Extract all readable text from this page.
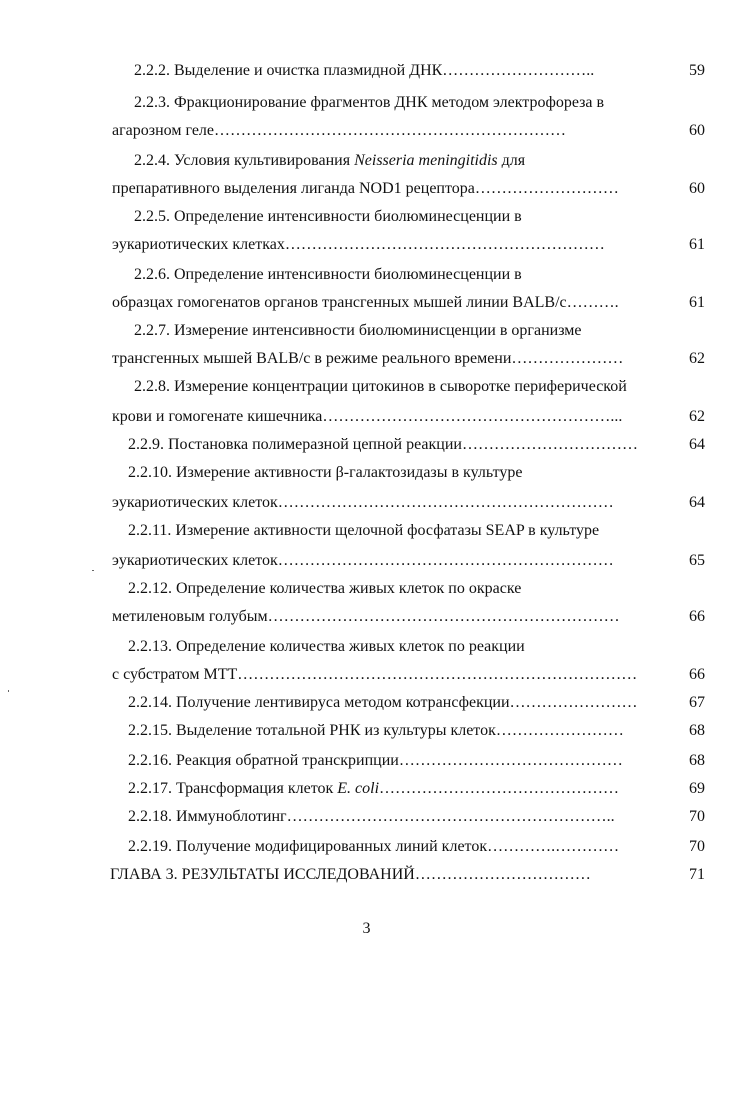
2.2.2. Выделение и очистка плазмидной ДНК………………………..	59
2.2.3. Фракционирование фрагментов ДНК методом электрофореза в
агарозном геле…………………………………………………………	60
2.2.4. Условия культивирования Neisseria meningitidis для
препаративного выделения лиганда NOD1 рецептора………………………	60
2.2.5. Определение интенсивности биолюминесценции в
эукариотических клетках……………………………………………………	61
2.2.6. Определение интенсивности биолюминесценции в
образцах гомогенатов органов трансгенных мышей линии BALB/c……….	61
2.2.7. Измерение интенсивности биолюминисценции в организме
трансгенных мышей BALB/c в режиме реального времени…………………	62
2.2.8. Измерение концентрации цитокинов в сыворотке периферической
крови и гомогенате кишечника………………………………………………...	62
2.2.9. Постановка полимеразной цепной реакции……………………………	64
2.2.10. Измерение активности β-галактозидазы в культуре
эукариотических клеток………………………………………………………	64
2.2.11. Измерение активности щелочной фосфатазы SEAP в культуре
эукариотических клеток………………………………………………………	65
2.2.12. Определение количества живых клеток по окраске
метиленовым голубым…………………………………………………………	66
2.2.13. Определение количества живых клеток по реакции
с субстратом МТТ…………………………………………………………………	66
2.2.14. Получение лентивируса методом котрансфекции……………………	67
2.2.15. Выделение тотальной РНК из культуры клеток……………………	68
2.2.16. Реакция обратной транскрипции……………………………………	68
2.2.17. Трансформация клеток E. coli………………………………………	69
2.2.18. Иммуноблотинг……………………………………………………..	70
2.2.19. Получение модифицированных линий клеток………….…………	70
ГЛАВА 3. РЕЗУЛЬТАТЫ ИССЛЕДОВАНИЙ……………………………	71
3
